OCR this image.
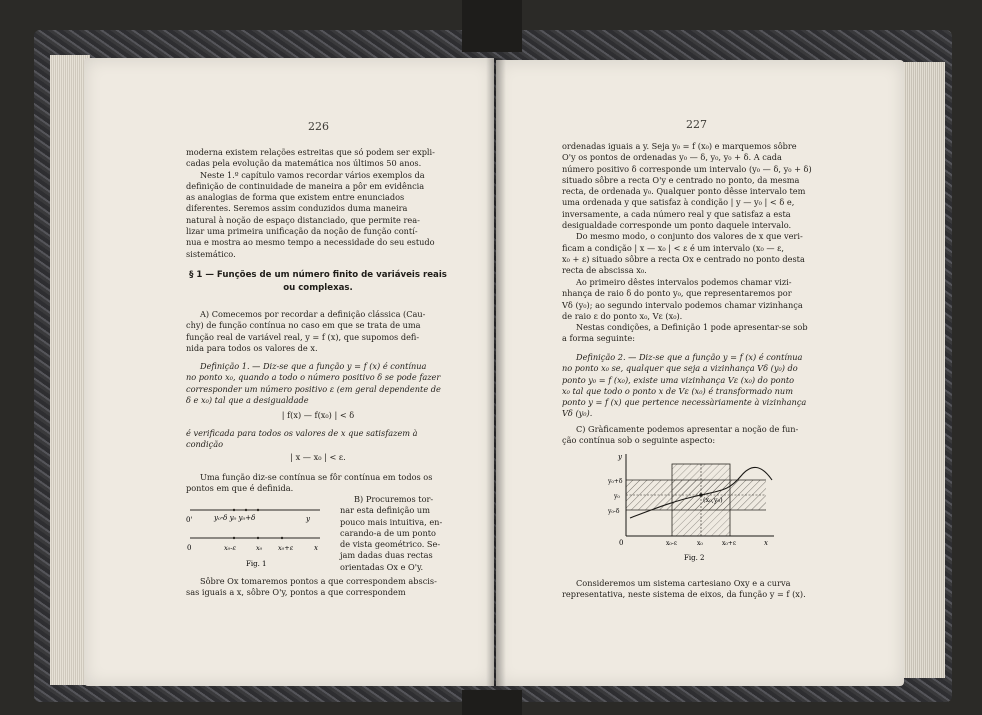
226

moderna existem relações estreitas que só podem ser expli-

cadas pela evolução da matemática nos últimos 50 anos.

Neste 1.º capítulo vamos recordar vários exemplos da

definição de continuidade de maneira a pôr em evidência

as analogias de forma que existem entre enunciados

diferentes. Seremos assim conduzidos duma maneira

natural à noção de espaço distanciado, que permite rea-

lizar uma primeira unificação da noção de função contí-

nua e mostra ao mesmo tempo a necessidade do seu estudo

sistemático.

§ 1 — Funções de um número finito de variáveis reais
ou complexas.

A) Comecemos por recordar a definição clássica (Cau-

chy) de função contínua no caso em que se trata de uma

função real de variável real, y = f (x), que supomos defi-

nida para todos os valores de x.

Definição 1. — Diz-se que a função y = f (x) é contínua

no ponto x₀, quando a todo o número positivo δ se pode fazer

corresponder um número positivo ε (em geral dependente de

δ e x₀) tal que a desigualdade

| f(x) — f(x₀) | < δ

é verificada para todos os valores de x que satisfazem à

condição

| x — x₀ | < ε.

Uma função diz-se contínua se fôr contínua em todos os

pontos em que é definida.

B) Procuremos tor-

nar esta definição um

pouco mais intuitiva, en-

carando-a de um ponto

de vista geométrico. Se-

jam dadas duas rectas

orientadas Ox e O'y.

0'	y₀-δ y₀ y₀+δ	y
0	x₀-ε	x₀ x₀+ε	x
Fig. 1

Sôbre Ox tomaremos pontos a que correspondem abscis-

sas iguais a x, sôbre O'y, pontos a que correspondem

227

ordenadas iguais a y. Seja y₀ = f (x₀) e marquemos sôbre

O'y os pontos de ordenadas y₀ — δ, y₀, y₀ + δ. A cada

número positivo δ corresponde um intervalo (y₀ — δ, y₀ + δ)

situado sôbre a recta O'y e centrado no ponto, da mesma

recta, de ordenada y₀. Qualquer ponto dêsse intervalo tem

uma ordenada y que satisfaz à condição | y — y₀ | < δ e,

inversamente, a cada número real y que satisfaz a esta

desigualdade corresponde um ponto daquele intervalo.

Do mesmo modo, o conjunto dos valores de x que veri-

ficam a condição | x — x₀ | < ε é um intervalo (x₀ — ε,

x₀ + ε) situado sôbre a recta Ox e centrado no ponto desta

recta de abscissa x₀.

Ao primeiro dêstes intervalos podemos chamar vizi-

nhança de raio δ do ponto y₀, que representaremos por

Vδ (y₀); ao segundo intervalo podemos chamar vizinhança

de raio ε do ponto x₀, Vε (x₀).

Nestas condições, a Definição 1 pode apresentar-se sob

a forma seguinte:

Definição 2. — Diz-se que a função y = f (x) é contínua

no ponto x₀ se, qualquer que seja a vizinhança Vδ (y₀) do

ponto y₀ = f (x₀), existe uma vizinhança Vε (x₀) do ponto

x₀ tal que todo o ponto x de Vε (x₀) é transformado num

ponto y = f (x) que pertence necessàriamente à vizinhança

Vδ (y₀).

C) Gràficamente podemos apresentar a noção de fun-

ção contínua sob o seguinte aspecto:

(x₀,y₀)
y
y₀+δ
y₀
y₀-δ
0	x₀-ε	x₀	x₀+ε	x
Fig. 2

Consideremos um sistema cartesiano Oxy e a curva

representativa, neste sistema de eixos, da função y = f (x).
